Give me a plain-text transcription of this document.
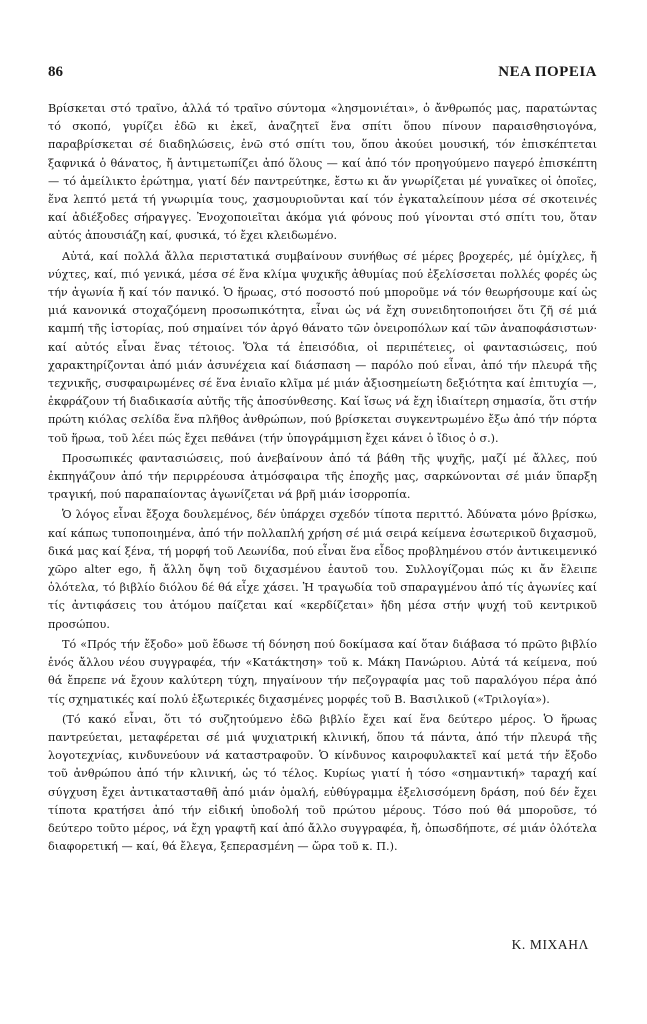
86	ΝΕΑ ΠΟΡΕΙΑ

Βρίσκεται στό τραῖνο, ἀλλά τό τραῖνο σύντομα «λησμονιέται», ὁ ἄνθρωπός μας, παρατώντας τό σκοπό, γυρίζει ἐδῶ κι ἐκεῖ, ἀναζητεῖ ἕνα σπίτι ὅπου πίνουν παραισθησιογόνα, παραβρίσκεται σέ διαδηλώσεις, ἐνῶ στό σπίτι του, ὅπου ἀκούει μουσική, τόν ἐπισκέπτεται ξαφνικά ὁ θάνατος, ἤ ἀντιμετωπίζει ἀπό ὅλους — καί ἀπό τόν προηγούμενο παγερό ἐπισκέπτη — τό ἀμείλικτο ἐρώτημα, γιατί δέν παντρεύτηκε, ἔστω κι ἄν γνωρίζεται μέ γυναῖκες οἱ ὁποῖες, ἕνα λεπτό μετά τή γνωριμία τους, χασμουριοῦνται καί τόν ἐγκαταλείπουν μέσα σέ σκοτεινές καί ἀδιέξοδες σήραγγες. Ἐνοχοποιεῖται ἀκόμα γιά φόνους πού γίνονται στό σπίτι του, ὅταν αὐτός ἀπουσιάζη καί, φυσικά, τό ἔχει κλειδωμένο.

Αὐτά, καί πολλά ἄλλα περιστατικά συμβαίνουν συνήθως σέ μέρες βροχερές, μέ ὁμίχλες, ἤ νύχτες, καί, πιό γενικά, μέσα σέ ἕνα κλίμα ψυχικῆς ἀθυμίας πού ἐξελίσσεται πολλές φορές ὡς τήν ἀγωνία ἤ καί τόν πανικό. Ὁ ἥρωας, στό ποσοστό πού μποροῦμε νά τόν θεωρήσουμε καί ὡς μιά κανονικά στοχαζόμενη προσωπικότητα, εἶναι ὡς νά ἔχη συνειδητοποιήσει ὅτι ζῆ σέ μιά καμπή τῆς ἱστορίας, πού σημαίνει τόν ἀργό θάνατο τῶν ὀνειροπόλων καί τῶν ἀναποφάσιστων· καί αὐτός εἶναι ἕνας τέτοιος. Ὅλα τά ἐπεισόδια, οἱ περιπέτειες, οἱ φαντασιώσεις, πού χαρακτηρίζονται ἀπό μιάν ἀσυνέχεια καί διάσπαση — παρόλο πού εἶναι, ἀπό τήν πλευρά τῆς τεχνικῆς, συσφαιρωμένες σέ ἕνα ἑνιαῖο κλῖμα μέ μιάν ἀξιοσημείωτη δεξιότητα καί ἐπιτυχία —, ἐκφράζουν τή διαδικασία αὐτῆς τῆς ἀποσύνθεσης. Καί ἴσως νά ἔχη ἰδιαίτερη σημασία, ὅτι στήν πρώτη κιόλας σελίδα ἕνα πλῆθος ἀνθρώπων, πού βρίσκεται συγκεντρωμένο ἔξω ἀπό τήν πόρτα τοῦ ἥρωα, τοῦ λέει πώς ἔχει πεθάνει (τήν ὑπογράμμιση ἔχει κάνει ὁ ἴδιος ὁ σ.).

Προσωπικές φαντασιώσεις, πού ἀνεβαίνουν ἀπό τά βάθη τῆς ψυχῆς, μαζί μέ ἄλλες, πού ἐκπηγάζουν ἀπό τήν περιρρέουσα ἀτμόσφαιρα τῆς ἐποχῆς μας, σαρκώνονται σέ μιάν ὕπαρξη τραγική, πού παραπαίοντας ἀγωνίζεται νά βρῆ μιάν ἰσορροπία.

Ὁ λόγος εἶναι ἔξοχα δουλεμένος, δέν ὑπάρχει σχεδόν τίποτα περιττό. Ἀδύνατα μόνο βρίσκω, καί κάπως τυποποιημένα, ἀπό τήν πολλαπλή χρήση σέ μιά σειρά κείμενα ἐσωτερικοῦ διχασμοῦ, δικά μας καί ξένα, τή μορφή τοῦ Λεωνίδα, πού εἶναι ἕνα εἶδος προβλημένου στόν ἀντικειμενικό χῶρο alter ego, ἤ ἄλλη ὄψη τοῦ διχασμένου ἑαυτοῦ του. Συλλογίζομαι πώς κι ἄν ἔλειπε ὁλότελα, τό βιβλίο διόλου δέ θά εἶχε χάσει. Ἡ τραγωδία τοῦ σπαραγμένου ἀπό τίς ἀγωνίες καί τίς ἀντιφάσεις του ἀτόμου παίζεται καί «κερδίζεται» ἤδη μέσα στήν ψυχή τοῦ κεντρικοῦ προσώπου.

Τό «Πρός τήν ἔξοδο» μοῦ ἔδωσε τή δόνηση πού δοκίμασα καί ὅταν διάβασα τό πρῶτο βιβλίο ἑνός ἄλλου νέου συγγραφέα, τήν «Κατάκτηση» τοῦ κ. Μάκη Πανώριου. Αὐτά τά κείμενα, πού θά ἔπρεπε νά ἔχουν καλύτερη τύχη, πηγαίνουν τήν πεζογραφία μας τοῦ παραλόγου πέρα ἀπό τίς σχηματικές καί πολύ ἐξωτερικές διχασμένες μορφές τοῦ Β. Βασιλικοῦ («Τριλογία»).

(Τό κακό εἶναι, ὅτι τό συζητούμενο ἐδῶ βιβλίο ἔχει καί ἕνα δεύτερο μέρος. Ὁ ἥρωας παντρεύεται, μεταφέρεται σέ μιά ψυχιατρική κλινική, ὅπου τά πάντα, ἀπό τήν πλευρά τῆς λογοτεχνίας, κινδυνεύουν νά καταστραφοῦν. Ὁ κίνδυνος καιροφυλακτεῖ καί μετά τήν ἔξοδο τοῦ ἀνθρώπου ἀπό τήν κλινική, ὡς τό τέλος. Κυρίως γιατί ἡ τόσο «σημαντική» ταραχή καί σύγχυση ἔχει ἀντικατασταθῆ ἀπό μιάν ὁμαλή, εὐθύγραμμα ἐξελισσόμενη δράση, πού δέν ἔχει τίποτα κρατήσει ἀπό τήν εἰδική ὑποδολή τοῦ πρώτου μέρους. Τόσο πού θά μποροῦσε, τό δεύτερο τοῦτο μέρος, νά ἔχη γραφτῆ καί ἀπό ἄλλο συγγραφέα, ἤ, ὁπωσδήποτε, σέ μιάν ὁλότελα διαφορετική — καί, θά ἔλεγα, ξεπερασμένη — ὥρα τοῦ κ. Π.).

Κ. ΜΙΧΑΗΛ
